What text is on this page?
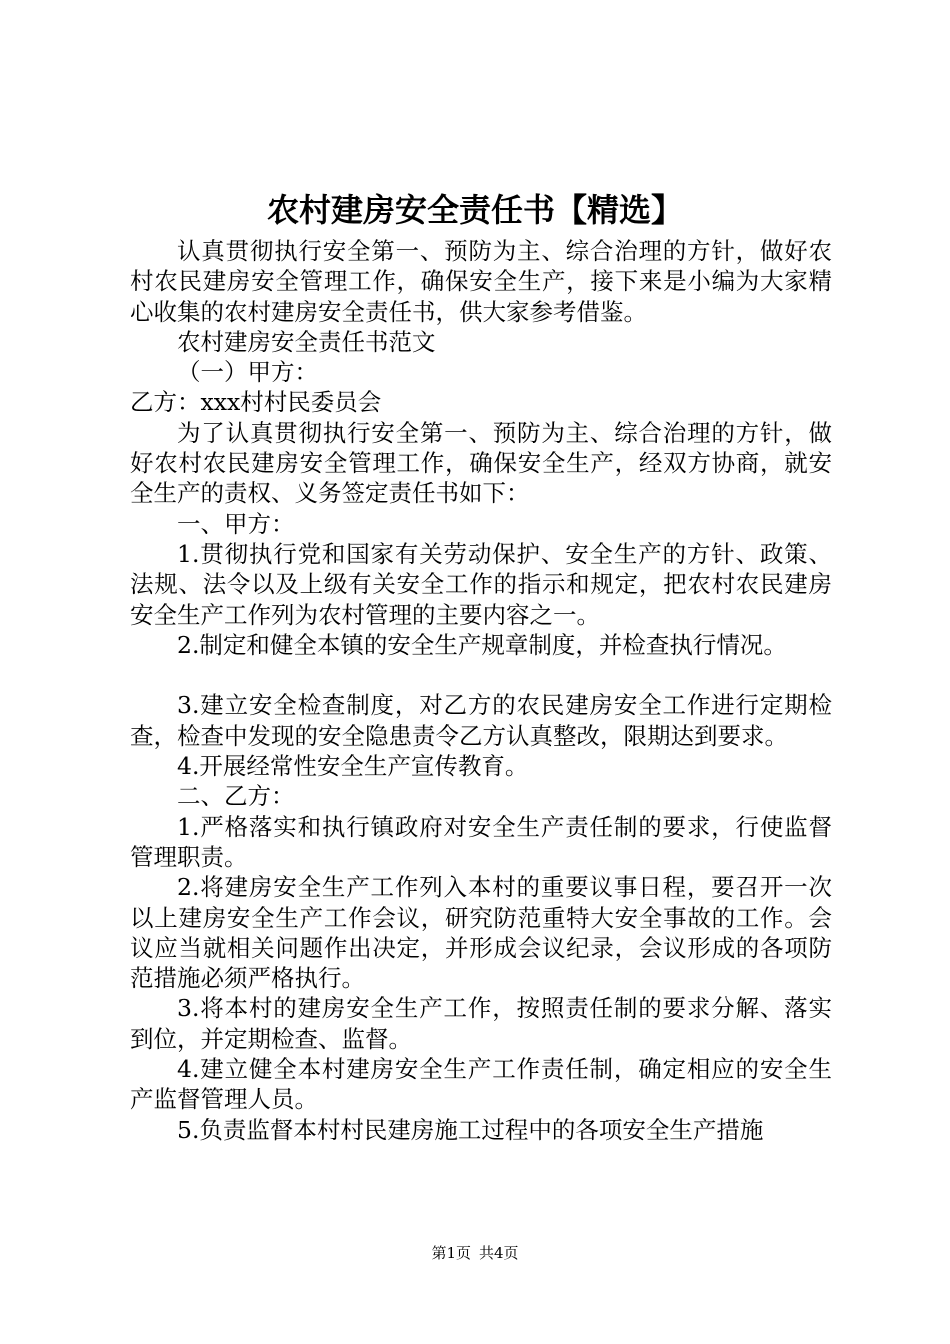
农村建房安全责任书【精选】

认真贯彻执行安全第一、预防为主、综合治理的方针，做好农村农民建房安全管理工作，确保安全生产，接下来是小编为大家精心收集的农村建房安全责任书，供大家参考借鉴。

农村建房安全责任书范文

（一）甲方：

乙方：xxx村村民委员会

为了认真贯彻执行安全第一、预防为主、综合治理的方针，做好农村农民建房安全管理工作，确保安全生产，经双方协商，就安全生产的责权、义务签定责任书如下：

一、甲方：

1.贯彻执行党和国家有关劳动保护、安全生产的方针、政策、法规、法令以及上级有关安全工作的指示和规定，把农村农民建房安全生产工作列为农村管理的主要内容之一。

2.制定和健全本镇的安全生产规章制度，并检查执行情况。

3.建立安全检查制度，对乙方的农民建房安全工作进行定期检查，检查中发现的安全隐患责令乙方认真整改，限期达到要求。

4.开展经常性安全生产宣传教育。

二、乙方：

1.严格落实和执行镇政府对安全生产责任制的要求，行使监督管理职责。

2.将建房安全生产工作列入本村的重要议事日程，要召开一次以上建房安全生产工作会议，研究防范重特大安全事故的工作。会议应当就相关问题作出决定，并形成会议纪录，会议形成的各项防范措施必须严格执行。

3.将本村的建房安全生产工作，按照责任制的要求分解、落实到位，并定期检查、监督。

4.建立健全本村建房安全生产工作责任制，确定相应的安全生产监督管理人员。

5.负责监督本村村民建房施工过程中的各项安全生产措施

第1页 共4页
